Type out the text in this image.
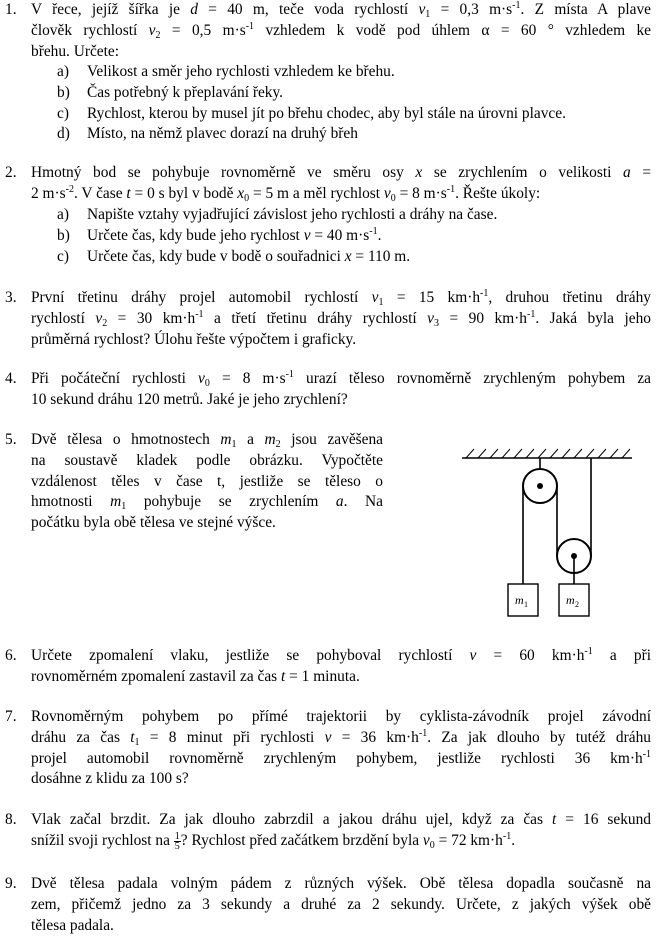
1. V řece, jejíž šířka je d = 40 m, teče voda rychlostí $v_1 = 0,3$ $m\cdot s^{-1}$. Z místa A plave
člověk rychlostí $v_2 = 0,5$ $m\cdot s^{-1}$ vzhledem k vodě pod úhlem α = 60 ° vzhledem ke
břehu. Určete:
a) Velikost a směr jeho rychlosti vzhledem ke břehu.
b) Čas potřebný k přeplavání řeky.
c) Rychlost, kterou by musel jít po břehu chodec, aby byl stále na úrovni plavce.
d) Místo, na němž plavec dorazí na druhý břeh
2. Hmotný bod se pohybuje rovnoměrně ve směru osy x se zrychlením o velikosti a =
2 $m\cdot s^{-2}$. V čase t = 0 s byl v bodě $x_0 = 5$ m a měl rychlost $v_0 = 8$ $m\cdot s^{-1}$. Řešte úkoly:
a) Napište vztahy vyjadřující závislost jeho rychlosti a dráhy na čase.
b) Určete čas, kdy bude jeho rychlost v = 40 $m\cdot s^{-1}$.
c) Určete čas, kdy bude v bodě o souřadnici x = 110 m.
3. První třetinu dráhy projel automobil rychlostí $v_1 = 15$ $km\cdot h^{-1}$, druhou třetinu dráhy
rychlostí $v_2 = 30$ $km\cdot h^{-1}$ a třetí třetinu dráhy rychlostí $v_3 = 90$ $km\cdot h^{-1}$. Jaká byla jeho
průměrná rychlost? Úlohu řešte výpočtem i graficky.
4. Při počáteční rychlosti $v_0 = 8$ $m\cdot s^{-1}$ urazí těleso rovnoměrně zrychleným pohybem za
10 sekund dráhu 120 metrů. Jaké je jeho zrychlení?
5. Dvě tělesa o hmotnostech $m_1$ a $m_2$ jsou zavěšena
na soustavě kladek podle obrázku. Vypočtěte
vzdálenost těles v čase t, jestliže se těleso o
hmotnosti $m_1$ pohybuje se zrychlením a. Na
počátku byla obě tělesa ve stejné výšce.
m 1	m 2
6. Určete zpomalení vlaku, jestliže se pohyboval rychlostí v = 60 $km\cdot h^{-1}$ a při
rovnoměrném zpomalení zastavil za čas t = 1 minuta.
7. Rovnoměrným pohybem po přímé trajektorii by cyklista-závodník projel závodní
dráhu za čas $t_1 = 8$ minut při rychlosti v = 36 $km\cdot h^{-1}$. Za jak dlouho by tutéž dráhu
projel automobil rovnoměrně zrychleným pohybem, jestliže rychlosti 36 $km\cdot h^{-1}$
dosáhne z klidu za 100 s?
8. Vlak začal brzdit. Za jak dlouho zabrzdil a jakou dráhu ujel, když za čas t = 16 sekund
snížil svoji rychlost na $\frac{1}{5}$ ? Rychlost před začátkem brzdění byla $v_0 = 72$ $km\cdot h^{-1}$.
9. Dvě tělesa padala volným pádem z různých výšek. Obě tělesa dopadla současně na
zem, přičemž jedno za 3 sekundy a druhé za 2 sekundy. Určete, z jakých výšek obě
tělesa padala.
